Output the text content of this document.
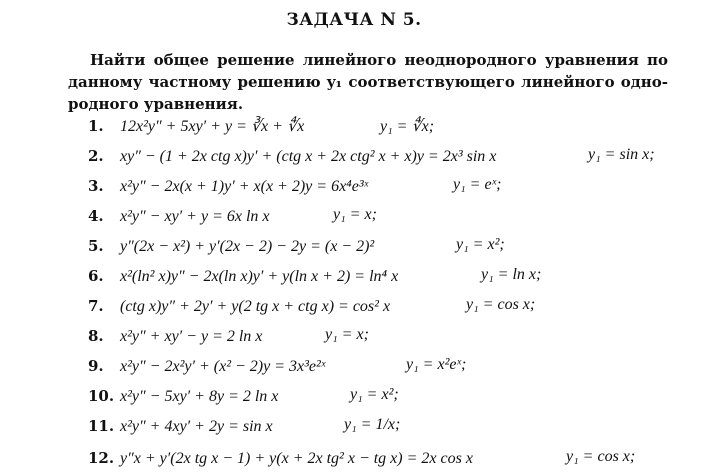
ЗАДАЧА N 5.
Найти общее решение линейного неоднородного уравнения по
данному частному решению y₁ соответствующего линейного одно-
родного уравнения.
1. 12x²y″ + 5xy′ + y = ∛x + ∜x	y₁ = ∜x;
2. xy″ − (1 + 2x ctg x)y′ + (ctg x + 2x ctg² x + x)y = 2x³ sin x	y₁ = sin x;
3. x²y″ − 2x(x + 1)y′ + x(x + 2)y = 6x⁴e³ˣ	y₁ = eˣ;
4. x²y″ − xy′ + y = 6x ln x	y₁ = x;
5. y″(2x − x²) + y′(2x − 2) − 2y = (x − 2)²	y₁ = x²;
6. x²(ln² x)y″ − 2x(ln x)y′ + y(ln x + 2) = ln⁴ x	y₁ = ln x;
7. (ctg x)y″ + 2y′ + y(2 tg x + ctg x) = cos² x	y₁ = cos x;
8. x²y″ + xy′ − y = 2 ln x	y₁ = x;
9. x²y″ − 2x²y′ + (x² − 2)y = 3x³e²ˣ	y₁ = x²eˣ;
10. x²y″ − 5xy′ + 8y = 2 ln x	y₁ = x²;
11. x²y″ + 4xy′ + 2y = sin x	y₁ = 1/x;
12. y″x + y′(2x tg x − 1) + y(x + 2x tg² x − tg x) = 2x cos x	y₁ = cos x;
